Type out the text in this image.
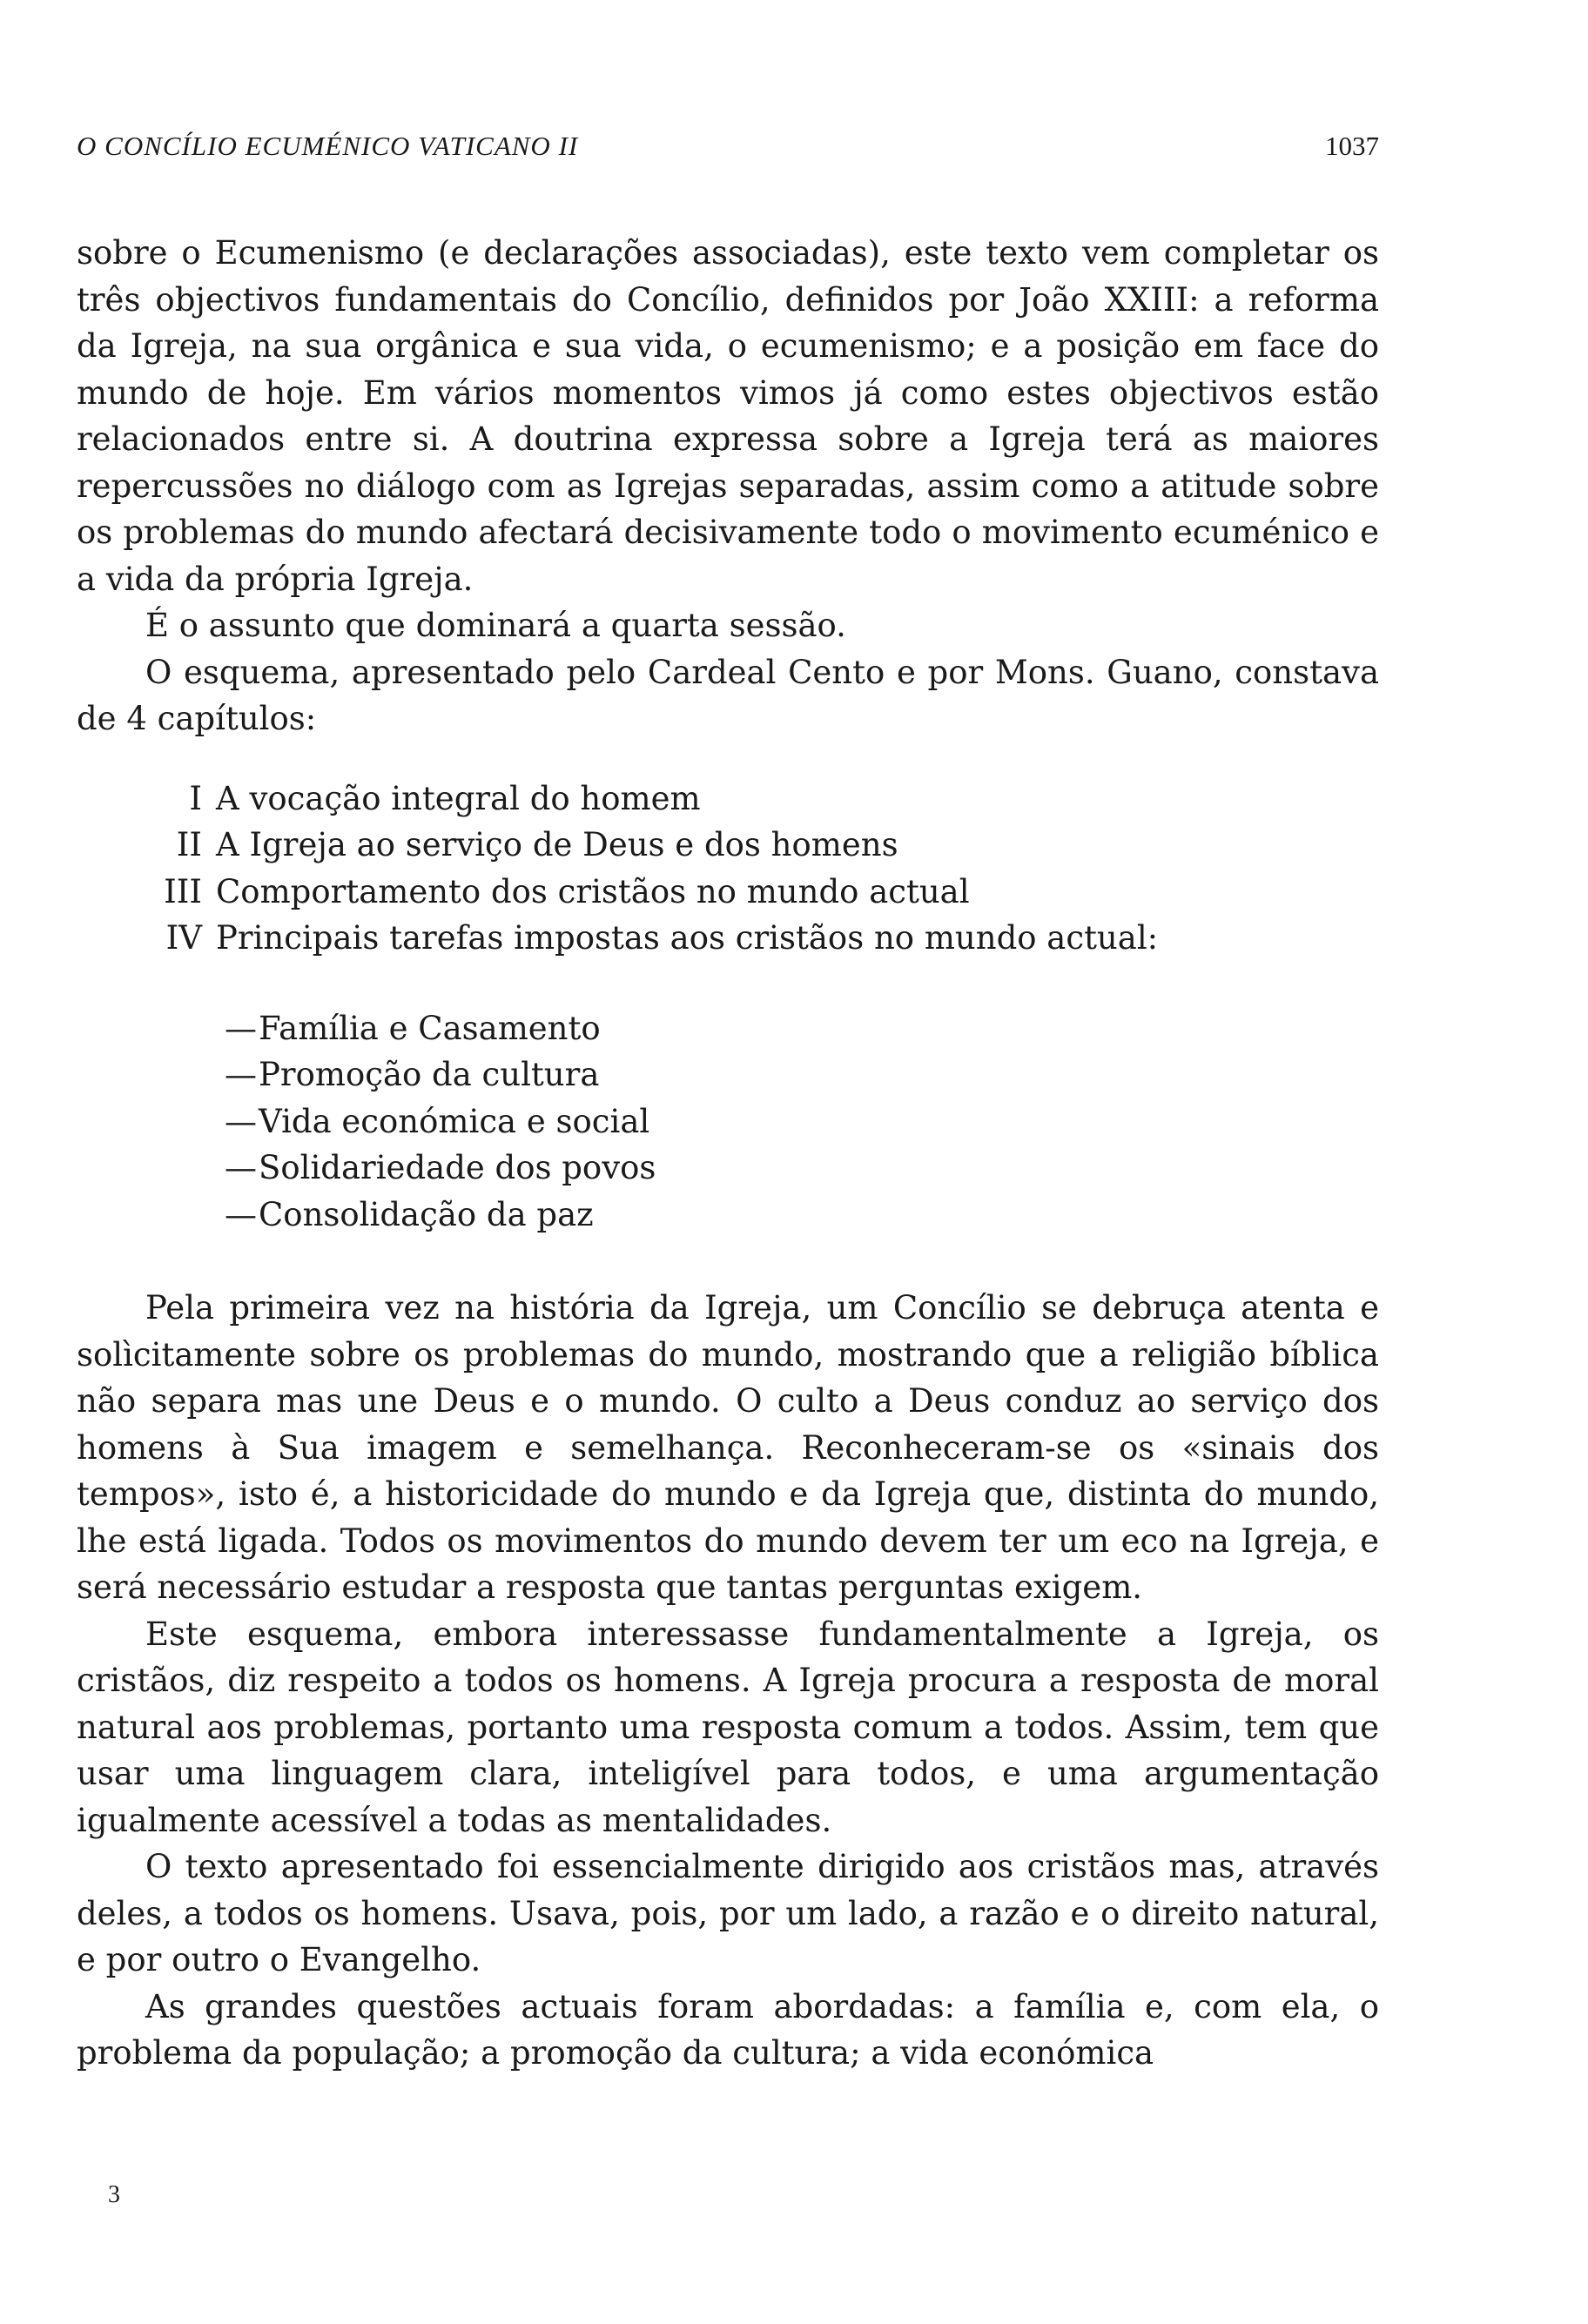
O CONCÍLIO ECUMÉNICO VATICANO II	1037

sobre o Ecumenismo (e declarações associadas), este texto vem completar os três objectivos fundamentais do Concílio, definidos por João XXIII: a reforma da Igreja, na sua orgânica e sua vida, o ecumenismo; e a posição em face do mundo de hoje. Em vários momentos vimos já como estes objectivos estão relacionados entre si. A doutrina expressa sobre a Igreja terá as maiores repercussões no diálogo com as Igrejas separadas, assim como a atitude sobre os problemas do mundo afectará decisivamente todo o movimento ecuménico e a vida da própria Igreja.

É o assunto que dominará a quarta sessão.

O esquema, apresentado pelo Cardeal Cento e por Mons. Guano, constava de 4 capítulos:

I A vocação integral do homem
II A Igreja ao serviço de Deus e dos homens
III Comportamento dos cristãos no mundo actual
IV Principais tarefas impostas aos cristãos no mundo actual:
—Família e Casamento
—Promoção da cultura
—Vida económica e social
—Solidariedade dos povos
—Consolidação da paz

Pela primeira vez na história da Igreja, um Concílio se debruça atenta e solìcitamente sobre os problemas do mundo, mostrando que a religião bíblica não separa mas une Deus e o mundo. O culto a Deus conduz ao serviço dos homens à Sua imagem e semelhança. Reconheceram-se os «sinais dos tempos», isto é, a historicidade do mundo e da Igreja que, distinta do mundo, lhe está ligada. Todos os movimentos do mundo devem ter um eco na Igreja, e será necessário estudar a resposta que tantas perguntas exigem.

Este esquema, embora interessasse fundamentalmente a Igreja, os cristãos, diz respeito a todos os homens. A Igreja procura a resposta de moral natural aos problemas, portanto uma resposta comum a todos. Assim, tem que usar uma linguagem clara, inteligível para todos, e uma argumentação igualmente acessível a todas as mentalidades.

O texto apresentado foi essencialmente dirigido aos cristãos mas, através deles, a todos os homens. Usava, pois, por um lado, a razão e o direito natural, e por outro o Evangelho.

As grandes questões actuais foram abordadas: a família e, com ela, o problema da população; a promoção da cultura; a vida económica

3
